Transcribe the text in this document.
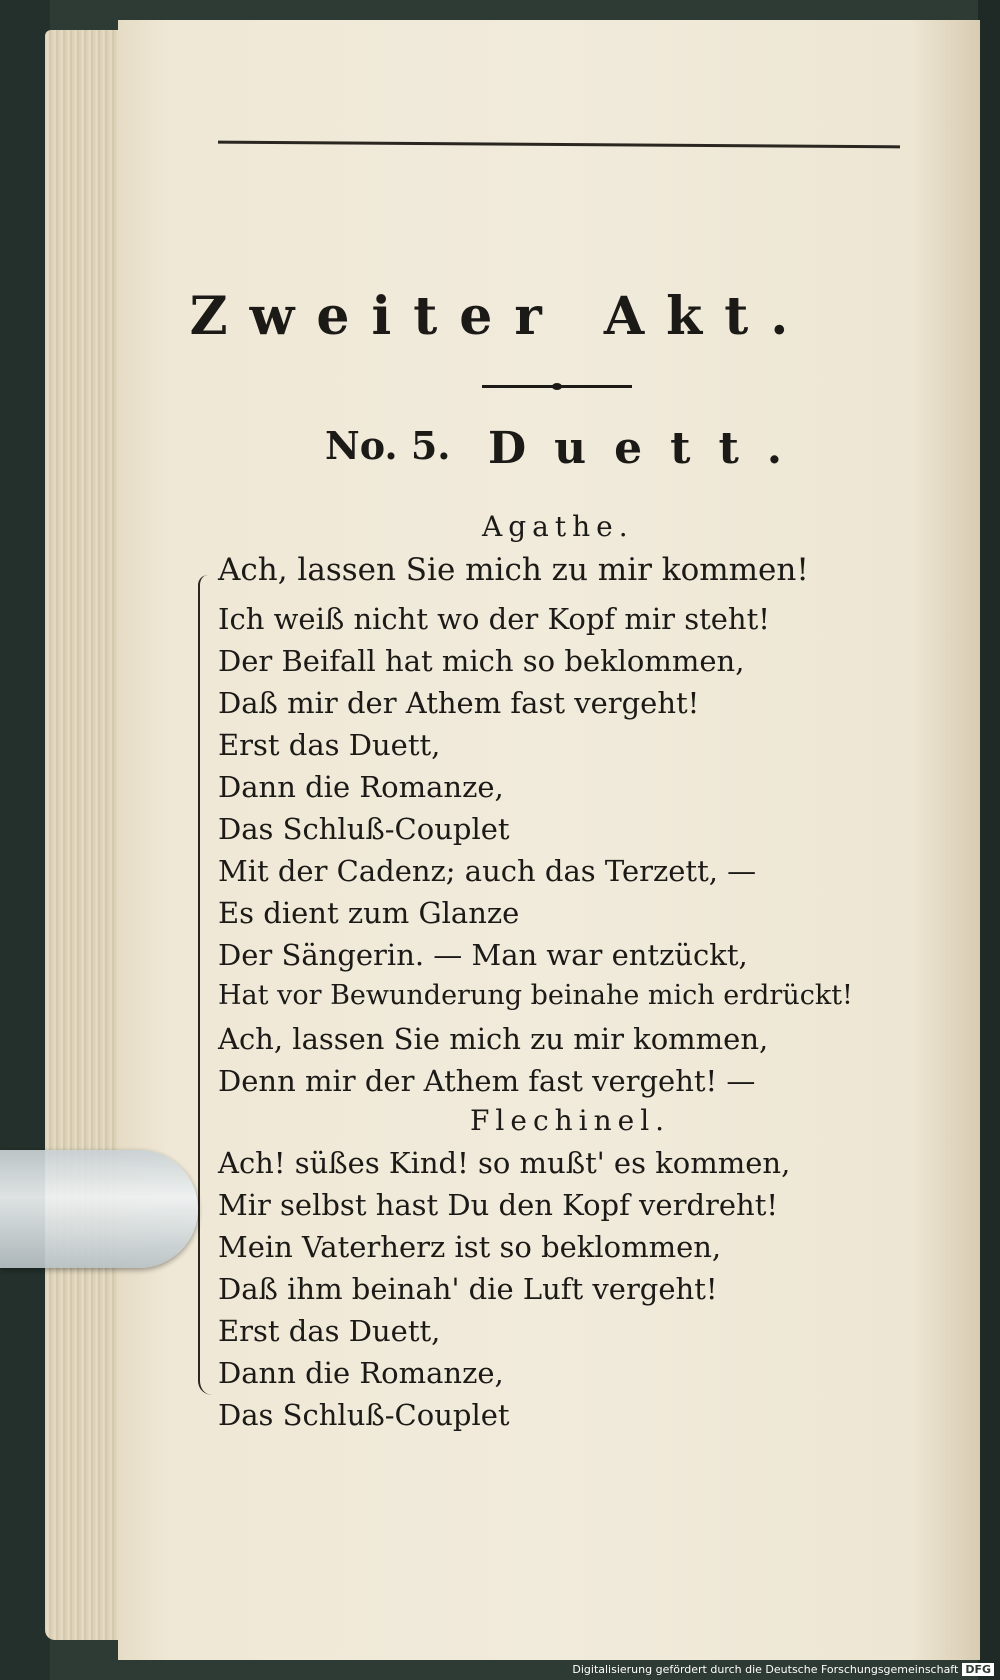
Zweiter Akt.
No. 5. Duett.
Agathe.
Ach, lassen Sie mich zu mir kommen!
Ich weiß nicht wo der Kopf mir steht!
Der Beifall hat mich so beklommen,
Daß mir der Athem fast vergeht!
Erst das Duett,
Dann die Romanze,
Das Schluß-Couplet
Mit der Cadenz; auch das Terzett, —
Es dient zum Glanze
Der Sängerin. — Man war entzückt,
Hat vor Bewunderung beinahe mich erdrückt!
Ach, lassen Sie mich zu mir kommen,
Denn mir der Athem fast vergeht! —
Flechinel.
Ach! süßes Kind! so mußt' es kommen,
Mir selbst hast Du den Kopf verdreht!
Mein Vaterherz ist so beklommen,
Daß ihm beinah' die Luft vergeht!
Erst das Duett,
Dann die Romanze,
Das Schluß-Couplet
Digitalisierung gefördert durch die Deutsche Forschungsgemeinschaft DFG
